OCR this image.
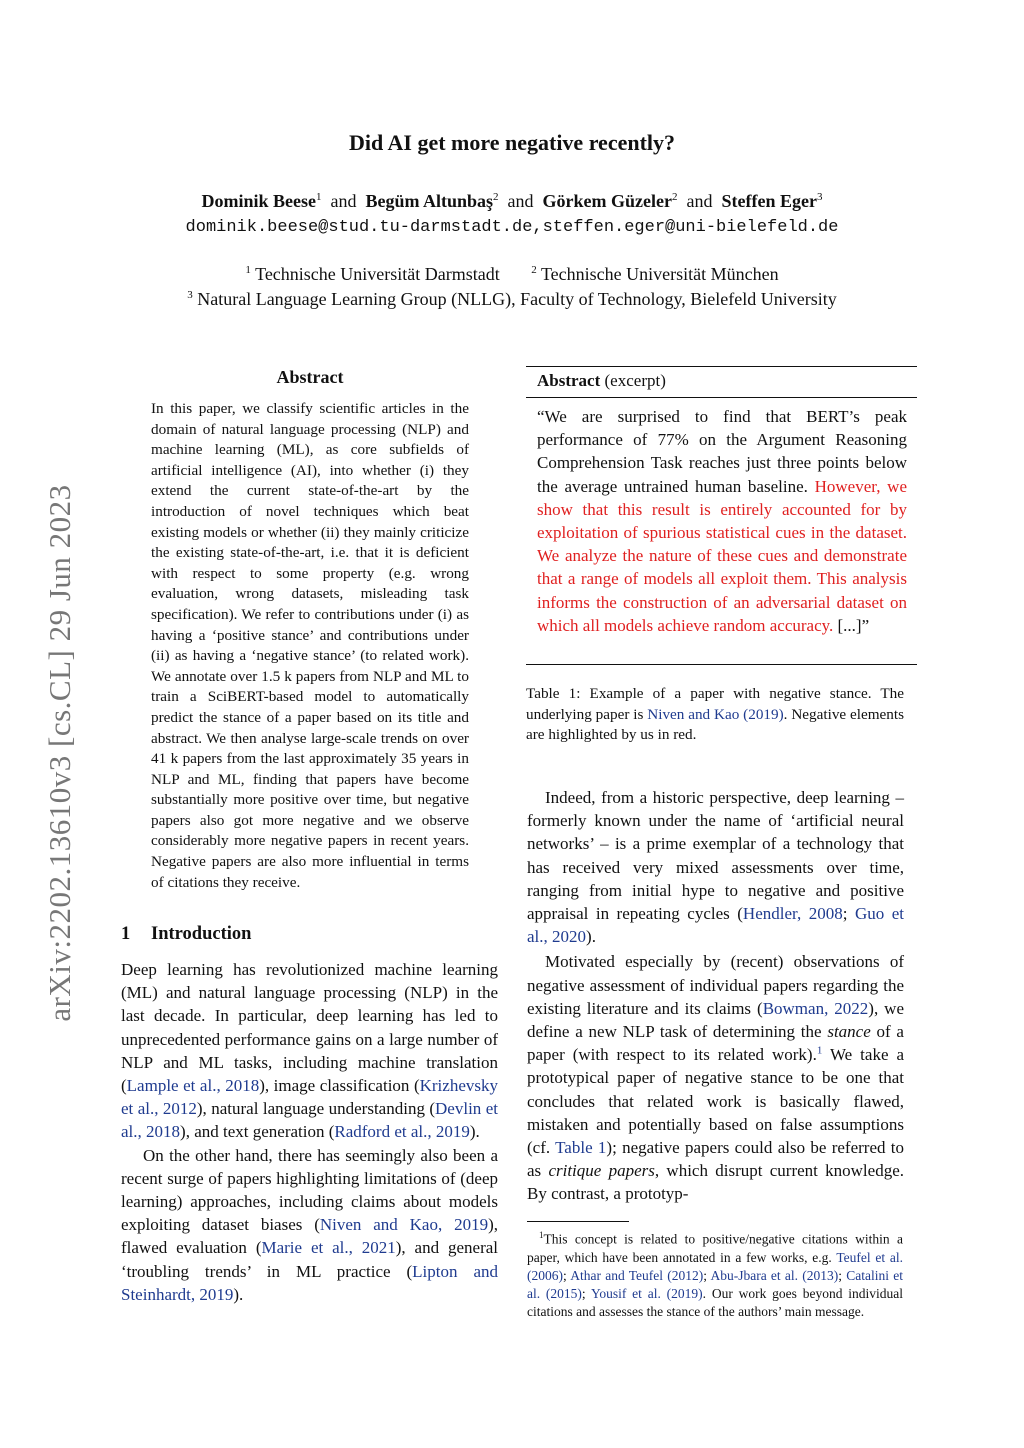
arXiv:2202.13610v3 [cs.CL] 29 Jun 2023
Did AI get more negative recently?
Dominik Beese$^1$ and Begüm Altunbaş$^2$ and Görkem Güzeler$^2$ and Steffen Eger$^3$
dominik.beese@stud.tu-darmstadt.de,steffen.eger@uni-bielefeld.de
$^1$ Technische Universität Darmstadt	$^2$ Technische Universität München
$^3$ Natural Language Learning Group (NLLG), Faculty of Technology, Bielefeld University
Abstract
In this paper, we classify scientific articles in the domain of natural language processing (NLP) and machine learning (ML), as core subfields of artificial intelligence (AI), into whether (i) they extend the current state-of-the-art by the introduction of novel techniques which beat existing models or whether (ii) they mainly criticize the existing state-of-the-art, i.e. that it is deficient with respect to some property (e.g. wrong evaluation, wrong datasets, misleading task specification). We refer to contributions under (i) as having a ‘positive stance’ and contributions under (ii) as having a ‘negative stance’ (to related work). We annotate over 1.5 k papers from NLP and ML to train a SciBERT-based model to automatically predict the stance of a paper based on its title and abstract. We then analyse large-scale trends on over 41 k papers from the last approximately 35 years in NLP and ML, finding that papers have become substantially more positive over time, but negative papers also got more negative and we observe considerably more negative papers in recent years. Negative papers are also more influential in terms of citations they receive.
1 Introduction

Deep learning has revolutionized machine learning (ML) and natural language processing (NLP) in the last decade. In particular, deep learning has led to unprecedented performance gains on a large number of NLP and ML tasks, including machine translation (Lample et al., 2018), image classification (Krizhevsky et al., 2012), natural language understanding (Devlin et al., 2018), and text generation (Radford et al., 2019).

On the other hand, there has seemingly also been a recent surge of papers highlighting limitations of (deep learning) approaches, including claims about models exploiting dataset biases (Niven and Kao, 2019), flawed evaluation (Marie et al., 2021), and general ‘troubling trends’ in ML practice (Lipton and Steinhardt, 2019).

Abstract (excerpt)
“We are surprised to find that BERT’s peak performance of 77% on the Argument Reasoning Comprehension Task reaches just three points below the average untrained human baseline. However, we show that this result is entirely accounted for by exploitation of spurious statistical cues in the dataset. We analyze the nature of these cues and demonstrate that a range of models all exploit them. This analysis informs the construction of an adversarial dataset on which all models achieve random accuracy. [...]”
Table 1: Example of a paper with negative stance. The underlying paper is Niven and Kao (2019). Negative elements are highlighted by us in red.

Indeed, from a historic perspective, deep learning – formerly known under the name of ‘artificial neural networks’ – is a prime exemplar of a technology that has received very mixed assessments over time, ranging from initial hype to negative and positive appraisal in repeating cycles (Hendler, 2008; Guo et al., 2020).

Motivated especially by (recent) observations of negative assessment of individual papers regarding the existing literature and its claims (Bowman, 2022), we define a new NLP task of determining the stance of a paper (with respect to its related work).$^1$ We take a prototypical paper of negative stance to be one that concludes that related work is basically flawed, mistaken and potentially based on false assumptions (cf. Table 1); negative papers could also be referred to as critique papers, which disrupt current knowledge. By contrast, a prototyp-

$^1$This concept is related to positive/negative citations within a paper, which have been annotated in a few works, e.g. Teufel et al. (2006); Athar and Teufel (2012); Abu-Jbara et al. (2013); Catalini et al. (2015); Yousif et al. (2019). Our work goes beyond individual citations and assesses the stance of the authors’ main message.
